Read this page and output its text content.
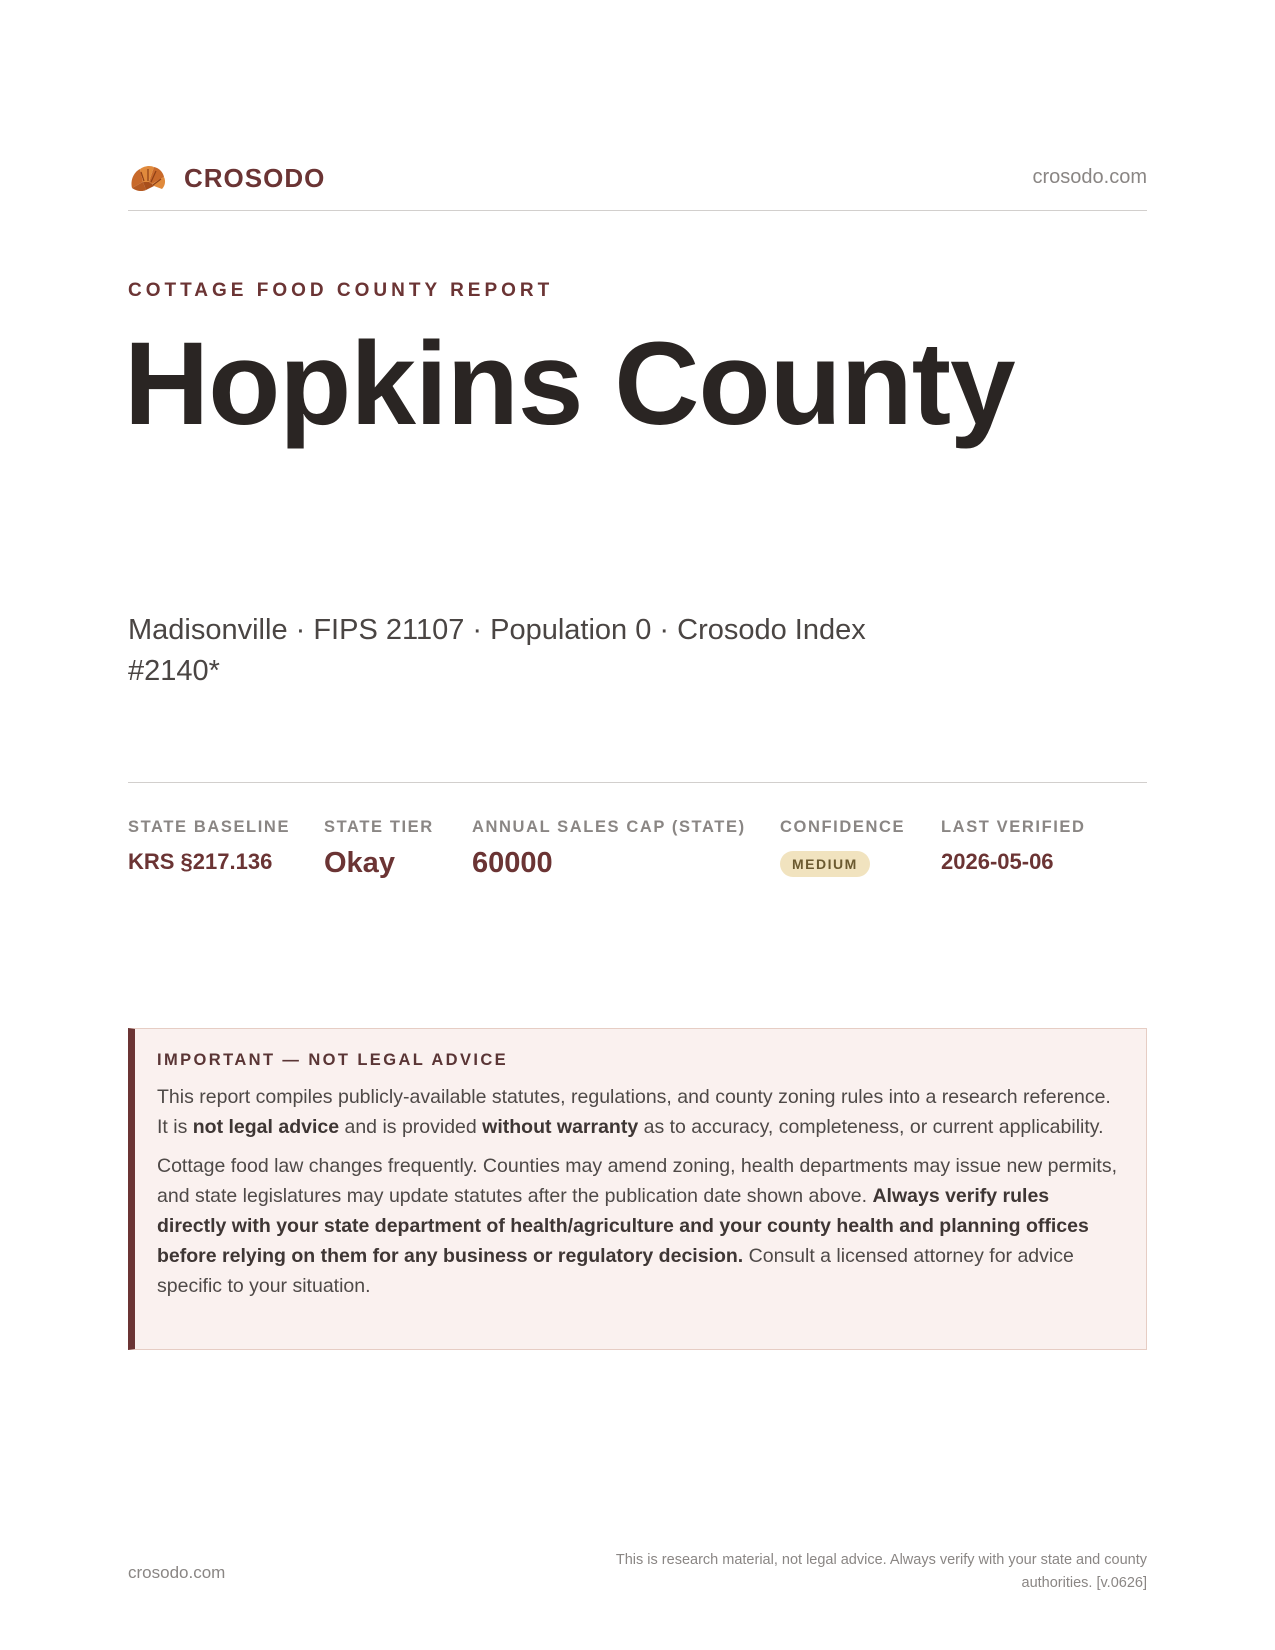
CROSODO	crosodo.com
COTTAGE FOOD COUNTY REPORT
Hopkins County
Madisonville · FIPS 21107 · Population 0 · Crosodo Index #2140*
STATE BASELINE
KRS §217.136
STATE TIER
Okay
ANNUAL SALES CAP (STATE)
60000
CONFIDENCE
MEDIUM
LAST VERIFIED
2026-05-06
IMPORTANT — NOT LEGAL ADVICE

This report compiles publicly-available statutes, regulations, and county zoning rules into a research reference. It is not legal advice and is provided without warranty as to accuracy, completeness, or current applicability.

Cottage food law changes frequently. Counties may amend zoning, health departments may issue new permits, and state legislatures may update statutes after the publication date shown above. Always verify rules directly with your state department of health/agriculture and your county health and planning offices before relying on them for any business or regulatory decision. Consult a licensed attorney for advice specific to your situation.

crosodo.com
This is research material, not legal advice. Always verify with your state and county authorities. [v.0626]
